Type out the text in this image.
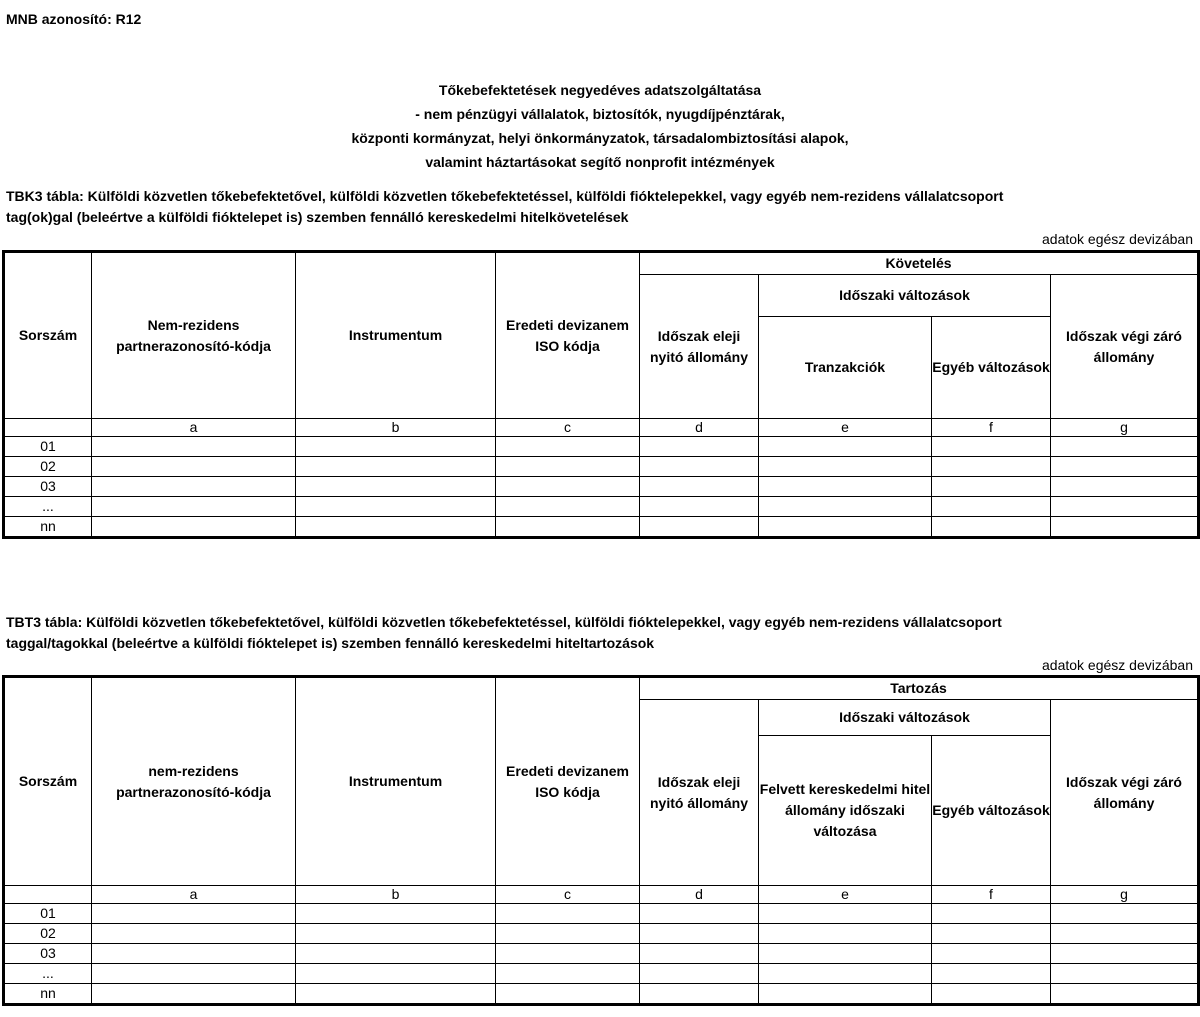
MNB azonosító: R12
Tőkebefektetések negyedéves adatszolgáltatása
- nem pénzügyi vállalatok, biztosítók, nyugdíjpénztárak,
központi kormányzat, helyi önkormányzatok, társadalombiztosítási alapok,
valamint háztartásokat segítő nonprofit intézmények
TBK3 tábla: Külföldi közvetlen tőkebefektetővel, külföldi közvetlen tőkebefektetéssel, külföldi fióktelepekkel, vagy egyéb nem-rezidens vállalatcsoport
tag(ok)gal (beleértve a külföldi fióktelepet is) szemben fennálló kereskedelmi hitelkövetelések
adatok egész devizában
Sorszám	Nem-rezidens partnerazonosító-kódja	Instrumentum	Eredeti devizanem ISO kódja	Követelés			
				Időszak eleji nyitó állomány	Időszaki változások		Időszak végi záró állomány
					Tranzakciók	Egyéb változások	
	a	b	c	d	e	f	g
01							
02							
03							
...							
nn							
TBT3 tábla: Külföldi közvetlen tőkebefektetővel, külföldi közvetlen tőkebefektetéssel, külföldi fióktelepekkel, vagy egyéb nem-rezidens vállalatcsoport
taggal/tagokkal (beleértve a külföldi fióktelepet is) szemben fennálló kereskedelmi hiteltartozások
adatok egész devizában
Sorszám	nem-rezidens partnerazonosító-kódja	Instrumentum	Eredeti devizanem ISO kódja	Tartozás			
				Időszak eleji nyitó állomány	Időszaki változások		Időszak végi záró állomány
					Felvett kereskedelmi hitel állomány időszaki változása	Egyéb változások	
	a	b	c	d	e	f	g
01							
02							
03							
...							
nn							
